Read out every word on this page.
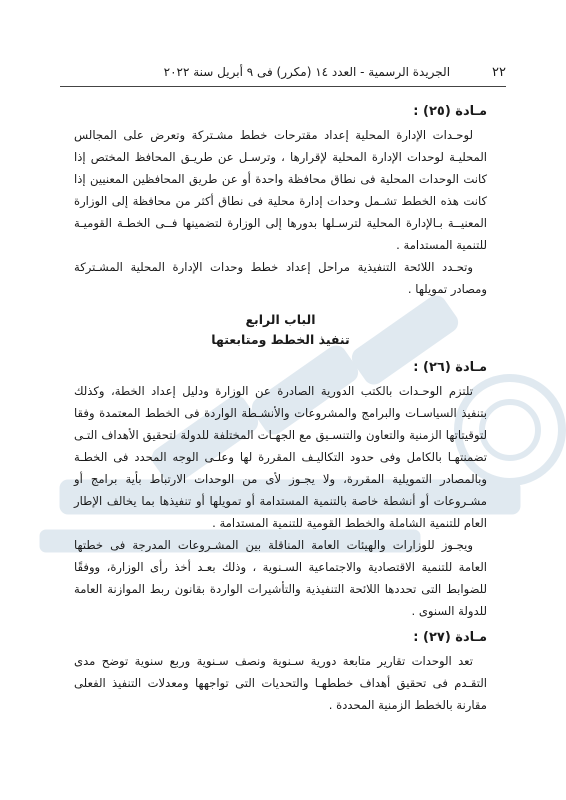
٢٢
الجريدة الرسمية - العدد ١٤ (مكرر) فى ٩ أبريل سنة ٢٠٢٢

مـادة (٢٥) :

لوحـدات الإدارة المحلية إعداد مقترحات خطط مشـتركة وتعرض على المجالس المحليـة لوحدات الإدارة المحلية لإقرارها ، وترسـل عن طريـق المحافظ المختص إذا كانت الوحدات المحلية فى نطاق محافظة واحدة أو عن طريق المحافظين المعنيين إذا كانت هذه الخطط تشـمل وحدات إدارة محلية فى نطاق أكثر من محافظة إلى الوزارة المعنيــة بـالإدارة المحلية لترسـلها بدورها إلى الوزارة لتضمينها فــى الخطـة القوميـة للتنمية المستدامة .

وتحـدد اللائحة التنفيذية مراحل إعداد خطط وحدات الإدارة المحلية المشـتركة ومصادر تمويلها .

الباب الرابع
تنفيذ الخطط ومتابعتها

مـادة (٢٦) :

تلتزم الوحـدات بالكتب الدورية الصادرة عن الوزارة ودليل إعداد الخطة، وكذلك بتنفيذ السياسـات والبرامج والمشروعات والأنشـطة الواردة فى الخطط المعتمدة وفقا لتوقيتاتها الزمنية والتعاون والتنسـيق مع الجهـات المختلفة للدولة لتحقيق الأهداف التـى تضمنتهـا بالكامل وفى حدود التكاليـف المقررة لها وعلـى الوجه المحدد فى الخطـة وبالمصادر التمويلية المقررة، ولا يجـوز لأى من الوحدات الارتباط بأية برامج أو مشـروعات أو أنشطة خاصة بالتنمية المستدامة أو تمويلها أو تنفيذها بما يخالف الإطار العام للتنمية الشاملة والخطط القومية للتنمية المستدامة .

ويجـوز للوزارات والهيئات العامة المناقلة بين المشـروعات المدرجة فى خطتها العامة للتنمية الاقتصادية والاجتماعية السـنوية ، وذلك بعـد أخذ رأى الوزارة، ووفقًا للضوابط التى تحددها اللائحة التنفيذية والتأشيرات الواردة بقانون ربط الموازنة العامة للدولة السنوى .

مـادة (٢٧) :

تعد الوحدات تقارير متابعة دورية سـنوية ونصف سـنوية وربع سنوية توضح مدى التقـدم فى تحقيق أهداف خططهـا والتحديات التى تواجهها ومعدلات التنفيذ الفعلى مقارنة بالخطط الزمنية المحددة .
